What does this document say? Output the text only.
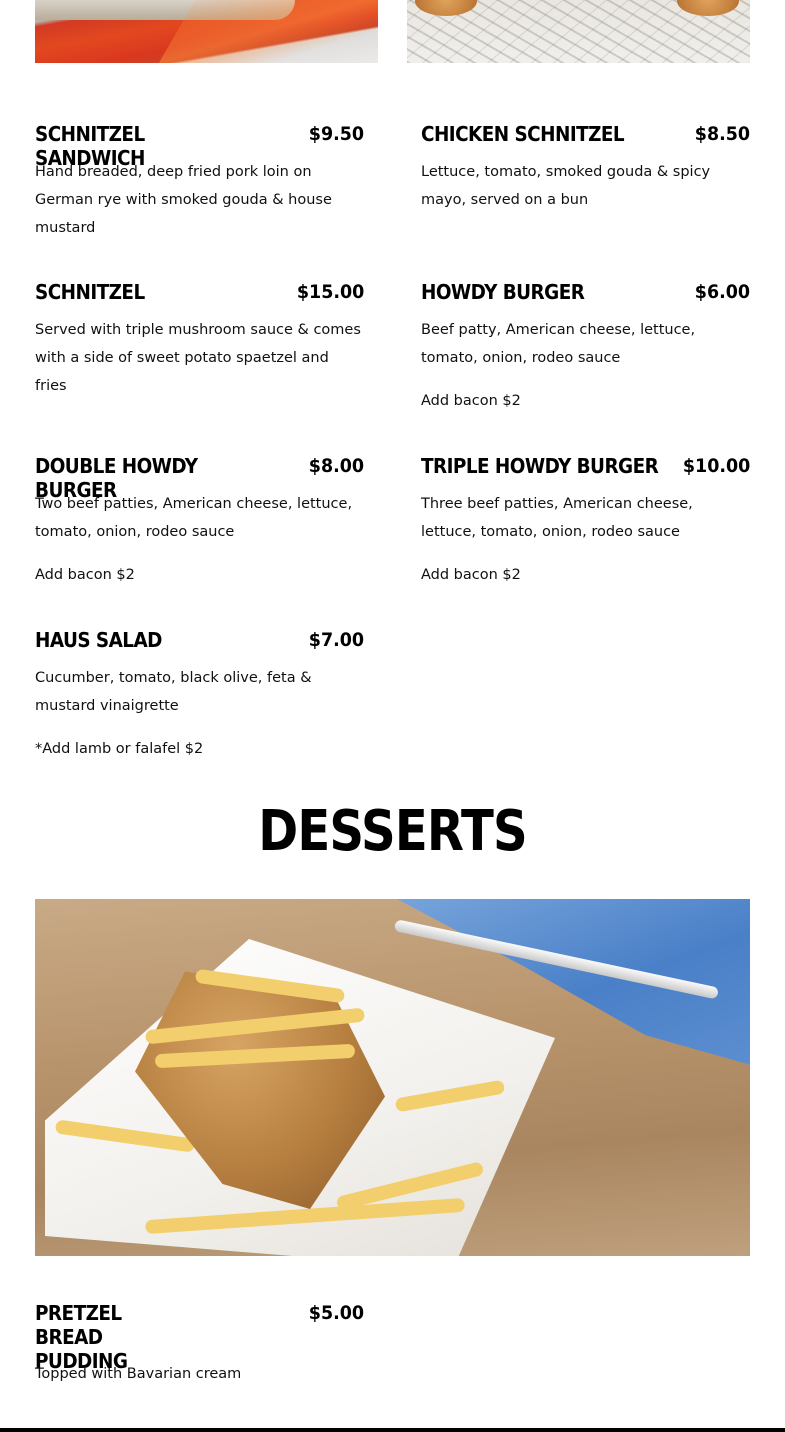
SCHNITZEL SANDWICH
$9.50
Hand breaded, deep fried pork loin on German rye with smoked gouda & house mustard
CHICKEN SCHNITZEL	$8.50
Lettuce, tomato, smoked gouda & spicy mayo, served on a bun
SCHNITZEL	$15.00
Served with triple mushroom sauce & comes with a side of sweet potato spaetzel and fries
HOWDY BURGER	$6.00
Beef patty, American cheese, lettuce, tomato, onion, rodeo sauce
Add bacon $2
DOUBLE HOWDY BURGER
$8.00
Two beef patties, American cheese, lettuce, tomato, onion, rodeo sauce
Add bacon $2
TRIPLE HOWDY BURGER $10.00
Three beef patties, American cheese, lettuce, tomato, onion, rodeo sauce
Add bacon $2
HAUS SALAD	$7.00
Cucumber, tomato, black olive, feta & mustard vinaigrette
*Add lamb or falafel $2
DESSERTS
PRETZEL BREAD PUDDING
$5.00
Topped with Bavarian cream
